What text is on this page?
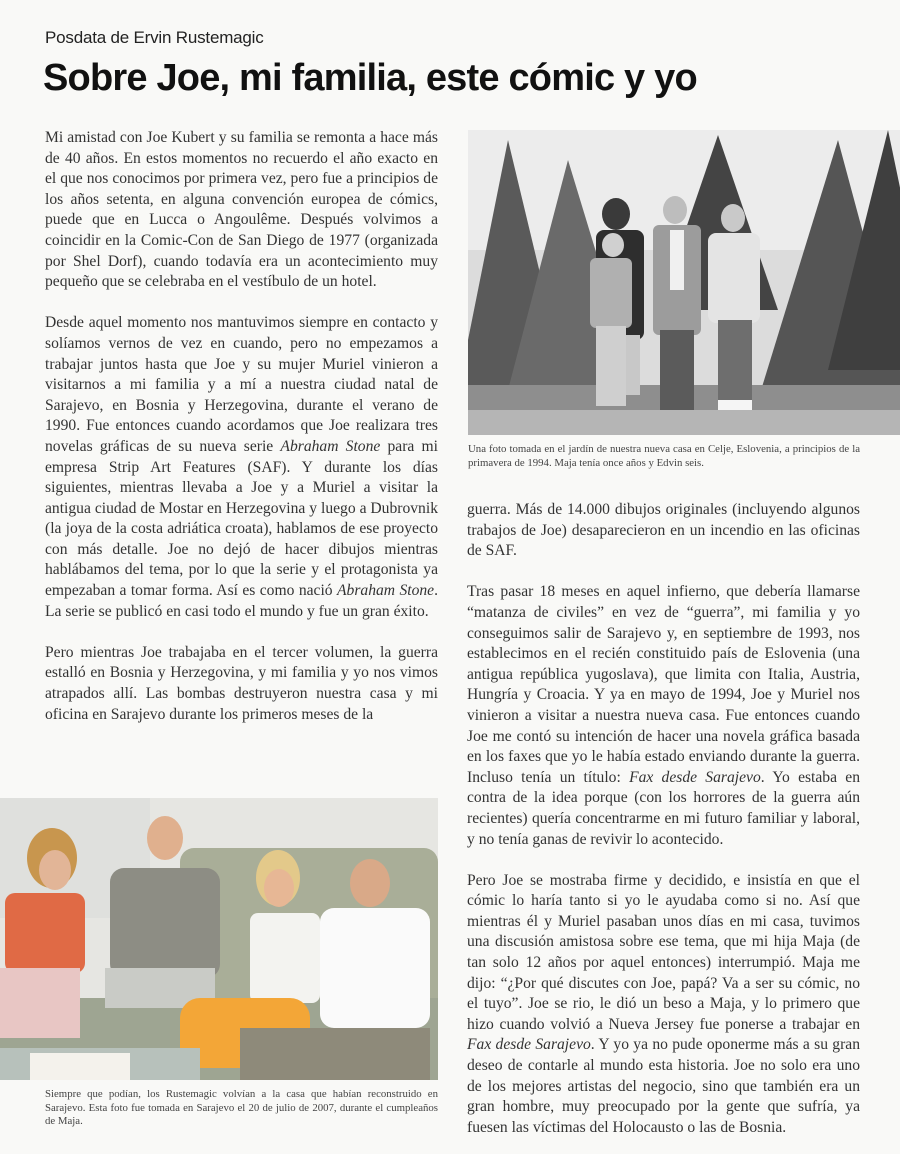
Posdata de Ervin Rustemagic
Sobre Joe, mi familia, este cómic y yo

Mi amistad con Joe Kubert y su familia se remonta a hace más de 40 años. En estos momentos no recuerdo el año exacto en el que nos conocimos por primera vez, pero fue a principios de los años setenta, en alguna convención europea de cómics, puede que en Lucca o Angoulême. Después volvimos a coincidir en la Comic-Con de San Diego de 1977 (organizada por Shel Dorf), cuando todavía era un acontecimiento muy pequeño que se celebraba en el vestíbulo de un hotel.

Desde aquel momento nos mantuvimos siempre en contacto y solíamos vernos de vez en cuando, pero no empezamos a trabajar juntos hasta que Joe y su mujer Muriel vinieron a visitarnos a mi familia y a mí a nuestra ciudad natal de Sarajevo, en Bosnia y Herzegovina, durante el verano de 1990. Fue entonces cuando acordamos que Joe realizara tres novelas gráficas de su nueva serie Abraham Stone para mi empresa Strip Art Features (SAF). Y durante los días siguientes, mientras llevaba a Joe y a Muriel a visitar la antigua ciudad de Mostar en Herzegovina y luego a Dubrovnik (la joya de la costa adriática croata), hablamos de ese proyecto con más detalle. Joe no dejó de hacer dibujos mientras hablábamos del tema, por lo que la serie y el protagonista ya empezaban a tomar forma. Así es como nació Abraham Stone. La serie se publicó en casi todo el mundo y fue un gran éxito.

Pero mientras Joe trabajaba en el tercer volumen, la guerra estalló en Bosnia y Herzegovina, y mi familia y yo nos vimos atrapados allí. Las bombas destruyeron nuestra casa y mi oficina en Sarajevo durante los primeros meses de la

Una foto tomada en el jardín de nuestra nueva casa en Celje, Eslovenia, a principios de la primavera de 1994. Maja tenía once años y Edvin seis.

guerra. Más de 14.000 dibujos originales (incluyendo algunos trabajos de Joe) desaparecieron en un incendio en las oficinas de SAF.

Tras pasar 18 meses en aquel infierno, que debería llamarse “matanza de civiles” en vez de “guerra”, mi familia y yo conseguimos salir de Sarajevo y, en septiembre de 1993, nos establecimos en el recién constituido país de Eslovenia (una antigua república yugoslava), que limita con Italia, Austria, Hungría y Croacia. Y ya en mayo de 1994, Joe y Muriel nos vinieron a visitar a nuestra nueva casa. Fue entonces cuando Joe me contó su intención de hacer una novela gráfica basada en los faxes que yo le había estado enviando durante la guerra. Incluso tenía un título: Fax desde Sarajevo. Yo estaba en contra de la idea porque (con los horrores de la guerra aún recientes) quería concentrarme en mi futuro familiar y laboral, y no tenía ganas de revivir lo acontecido.

Pero Joe se mostraba firme y decidido, e insistía en que el cómic lo haría tanto si yo le ayudaba como si no. Así que mientras él y Muriel pasaban unos días en mi casa, tuvimos una discusión amistosa sobre ese tema, que mi hija Maja (de tan solo 12 años por aquel entonces) interrumpió. Maja me dijo: “¿Por qué discutes con Joe, papá? Va a ser su cómic, no el tuyo”. Joe se rio, le dió un beso a Maja, y lo primero que hizo cuando volvió a Nueva Jersey fue ponerse a trabajar en Fax desde Sarajevo. Y yo ya no pude oponerme más a su gran deseo de contarle al mundo esta historia. Joe no solo era uno de los mejores artistas del negocio, sino que también era un gran hombre, muy preocupado por la gente que sufría, ya fuesen las víctimas del Holocausto o las de Bosnia.

Siempre que podían, los Rustemagic volvían a la casa que habían reconstruido en Sarajevo. Esta foto fue tomada en Sarajevo el 20 de julio de 2007, durante el cumpleaños de Maja.
